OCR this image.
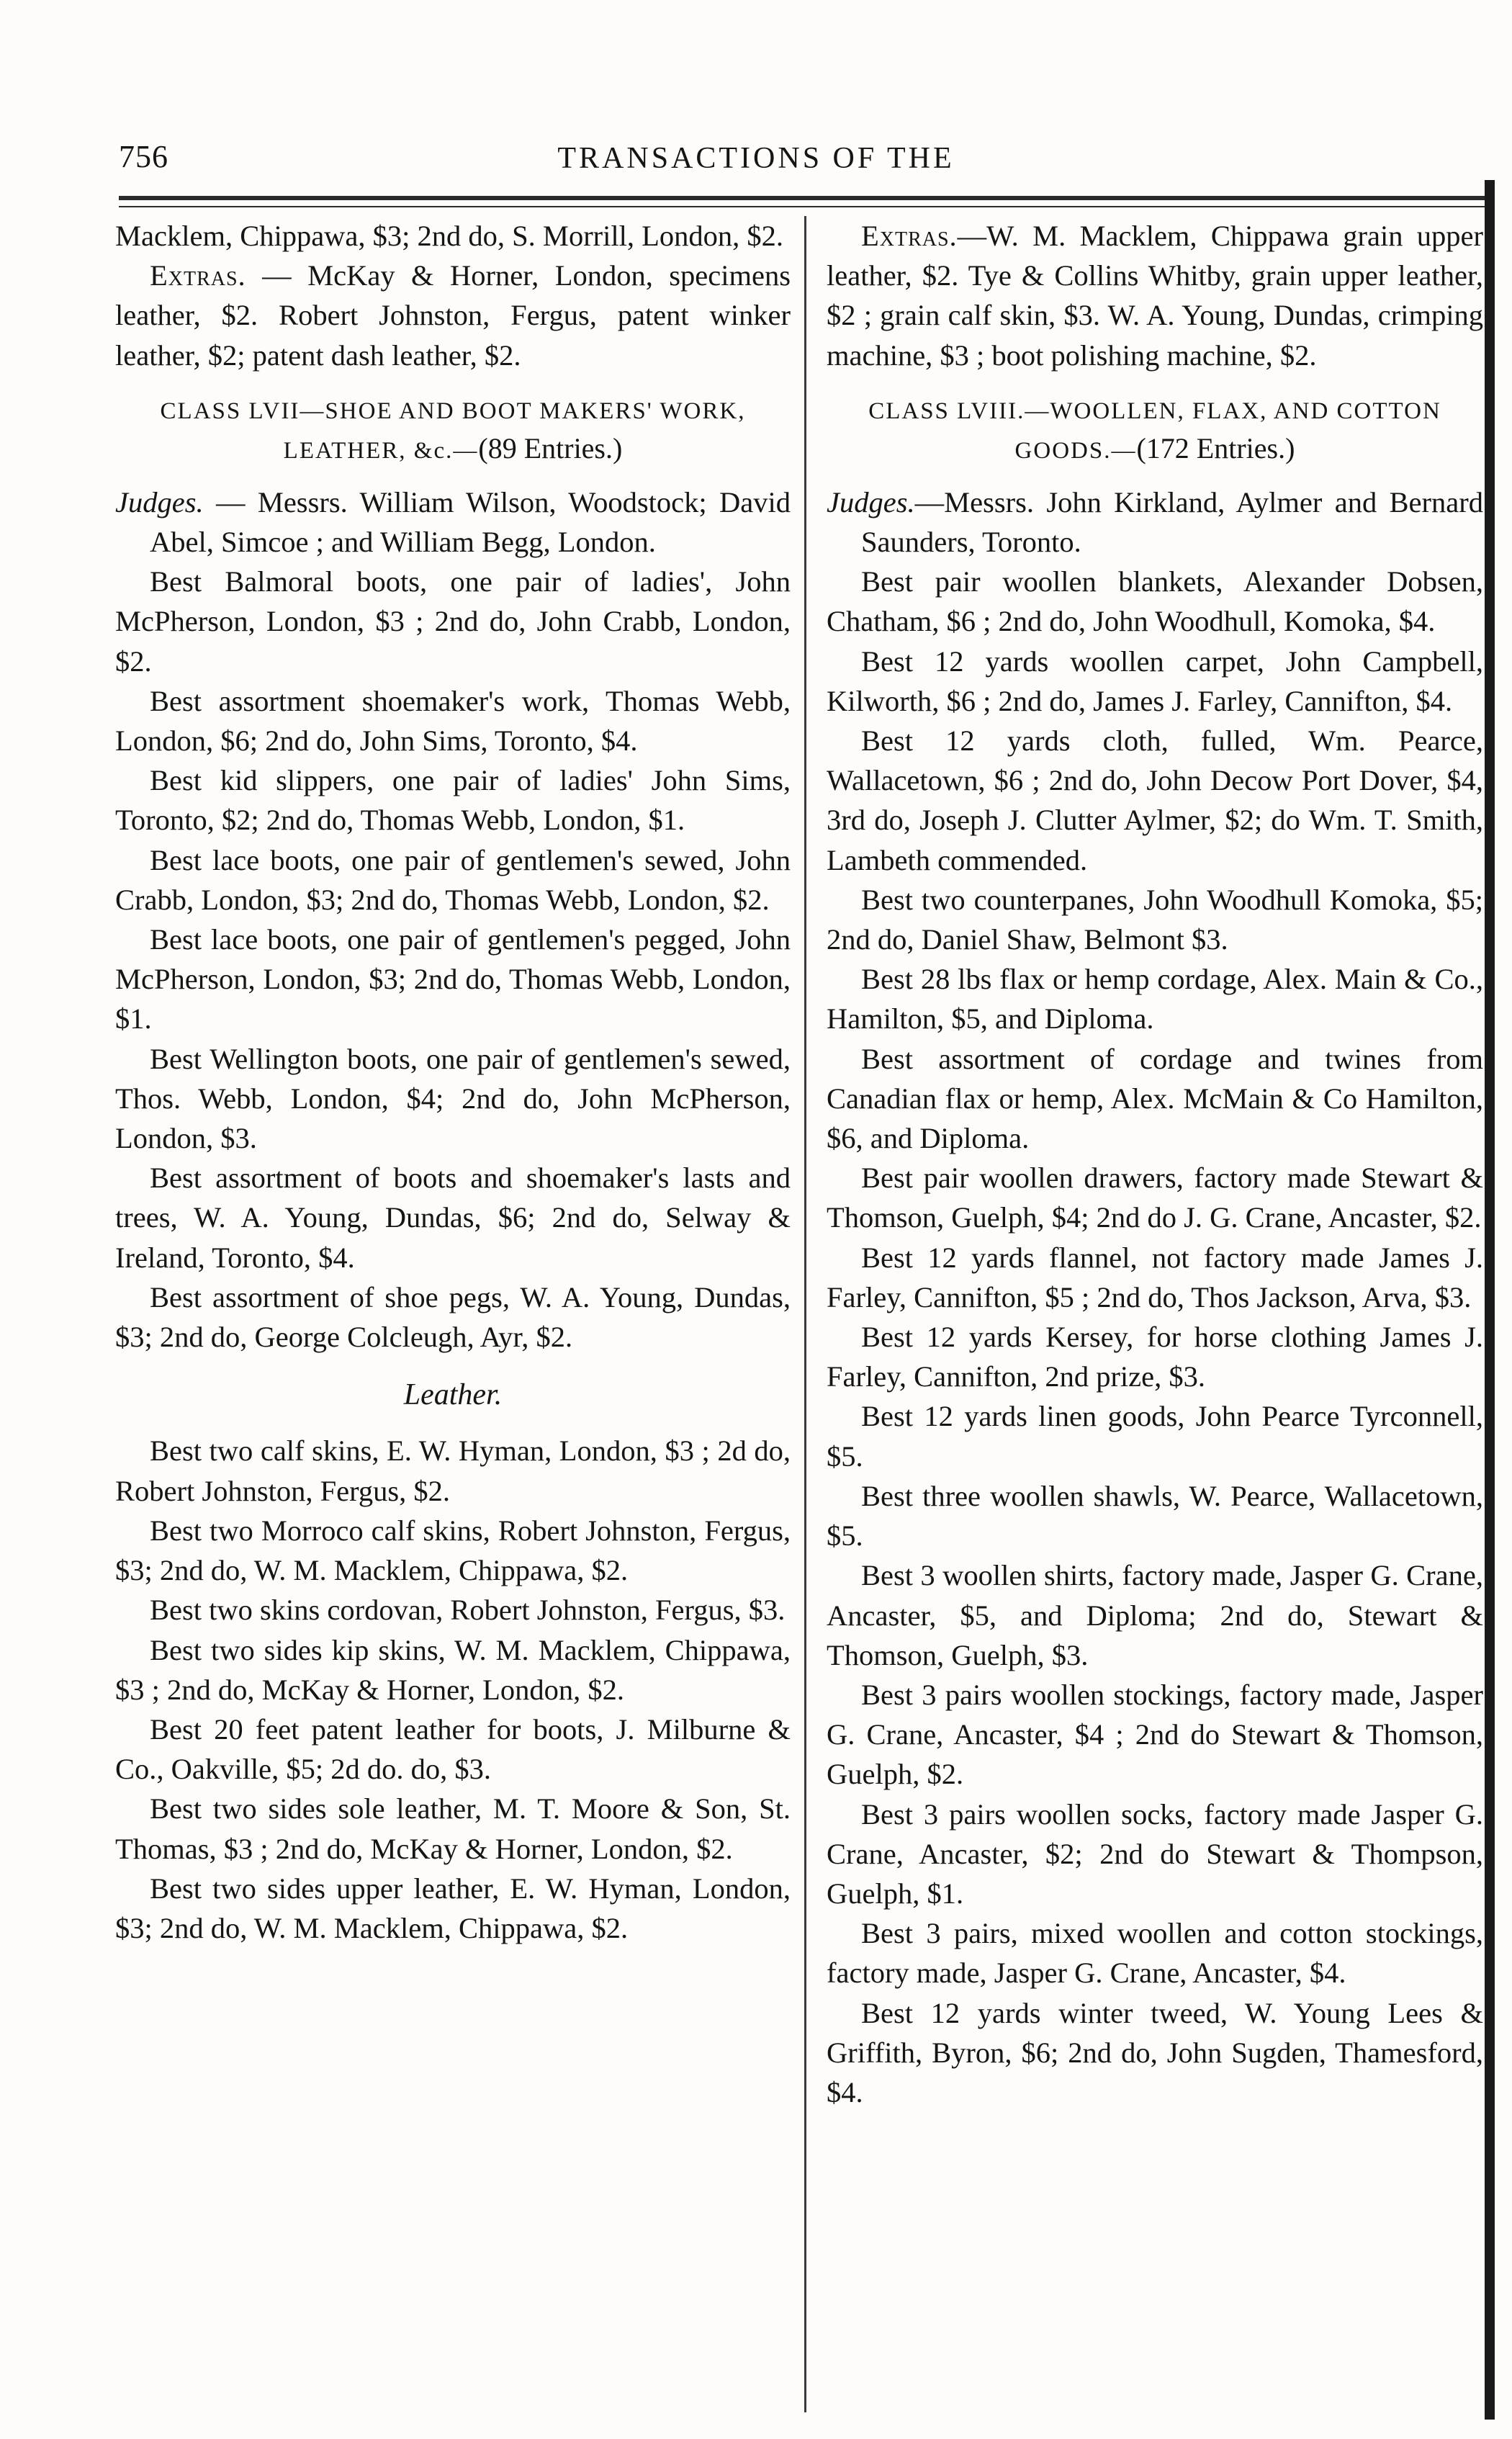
756	TRANSACTIONS OF THE

Macklem, Chippawa, $3; 2nd do, S. Morrill, London, $2.

Extras. — McKay & Horner, London, specimens leather, $2. Robert Johnston, Fergus, patent winker leather, $2; patent dash leather, $2.

CLASS LVII—SHOE AND BOOT MAKERS' WORK, LEATHER, &c.—(89 Entries.)

Judges. — Messrs. William Wilson, Woodstock; David Abel, Simcoe ; and William Begg, London.

Best Balmoral boots, one pair of ladies', John McPherson, London, $3 ; 2nd do, John Crabb, London, $2.

Best assortment shoemaker's work, Thomas Webb, London, $6; 2nd do, John Sims, Toronto, $4.

Best kid slippers, one pair of ladies' John Sims, Toronto, $2; 2nd do, Thomas Webb, London, $1.

Best lace boots, one pair of gentlemen's sewed, John Crabb, London, $3; 2nd do, Thomas Webb, London, $2.

Best lace boots, one pair of gentlemen's pegged, John McPherson, London, $3; 2nd do, Thomas Webb, London, $1.

Best Wellington boots, one pair of gentlemen's sewed, Thos. Webb, London, $4; 2nd do, John McPherson, London, $3.

Best assortment of boots and shoemaker's lasts and trees, W. A. Young, Dundas, $6; 2nd do, Selway & Ireland, Toronto, $4.

Best assortment of shoe pegs, W. A. Young, Dundas, $3; 2nd do, George Colcleugh, Ayr, $2.

Leather.

Best two calf skins, E. W. Hyman, London, $3 ; 2d do, Robert Johnston, Fergus, $2.

Best two Morroco calf skins, Robert Johnston, Fergus, $3; 2nd do, W. M. Macklem, Chippawa, $2.

Best two skins cordovan, Robert Johnston, Fergus, $3.

Best two sides kip skins, W. M. Macklem, Chippawa, $3 ; 2nd do, McKay & Horner, London, $2.

Best 20 feet patent leather for boots, J. Milburne & Co., Oakville, $5; 2d do. do, $3.

Best two sides sole leather, M. T. Moore & Son, St. Thomas, $3 ; 2nd do, McKay & Horner, London, $2.

Best two sides upper leather, E. W. Hyman, London, $3; 2nd do, W. M. Macklem, Chippawa, $2.

Extras.—W. M. Macklem, Chippawa grain upper leather, $2. Tye & Collins Whitby, grain upper leather, $2 ; grain calf skin, $3. W. A. Young, Dundas, crimping machine, $3 ; boot polishing machine, $2.

CLASS LVIII.—WOOLLEN, FLAX, AND COTTON GOODS.—(172 Entries.)

Judges.—Messrs. John Kirkland, Aylmer and Bernard Saunders, Toronto.

Best pair woollen blankets, Alexander Dobsen, Chatham, $6 ; 2nd do, John Woodhull, Komoka, $4.

Best 12 yards woollen carpet, John Campbell, Kilworth, $6 ; 2nd do, James J. Farley, Cannifton, $4.

Best 12 yards cloth, fulled, Wm. Pearce, Wallacetown, $6 ; 2nd do, John Decow Port Dover, $4, 3rd do, Joseph J. Clutter Aylmer, $2; do Wm. T. Smith, Lambeth commended.

Best two counterpanes, John Woodhull Komoka, $5; 2nd do, Daniel Shaw, Belmont $3.

Best 28 lbs flax or hemp cordage, Alex. Main & Co., Hamilton, $5, and Diploma.

Best assortment of cordage and twines from Canadian flax or hemp, Alex. McMain & Co Hamilton, $6, and Diploma.

Best pair woollen drawers, factory made Stewart & Thomson, Guelph, $4; 2nd do J. G. Crane, Ancaster, $2.

Best 12 yards flannel, not factory made James J. Farley, Cannifton, $5 ; 2nd do, Thos Jackson, Arva, $3.

Best 12 yards Kersey, for horse clothing James J. Farley, Cannifton, 2nd prize, $3.

Best 12 yards linen goods, John Pearce Tyrconnell, $5.

Best three woollen shawls, W. Pearce, Wallacetown, $5.

Best 3 woollen shirts, factory made, Jasper G. Crane, Ancaster, $5, and Diploma; 2nd do, Stewart & Thomson, Guelph, $3.

Best 3 pairs woollen stockings, factory made, Jasper G. Crane, Ancaster, $4 ; 2nd do Stewart & Thomson, Guelph, $2.

Best 3 pairs woollen socks, factory made Jasper G. Crane, Ancaster, $2; 2nd do Stewart & Thompson, Guelph, $1.

Best 3 pairs, mixed woollen and cotton stockings, factory made, Jasper G. Crane, Ancaster, $4.

Best 12 yards winter tweed, W. Young Lees & Griffith, Byron, $6; 2nd do, John Sugden, Thamesford, $4.
